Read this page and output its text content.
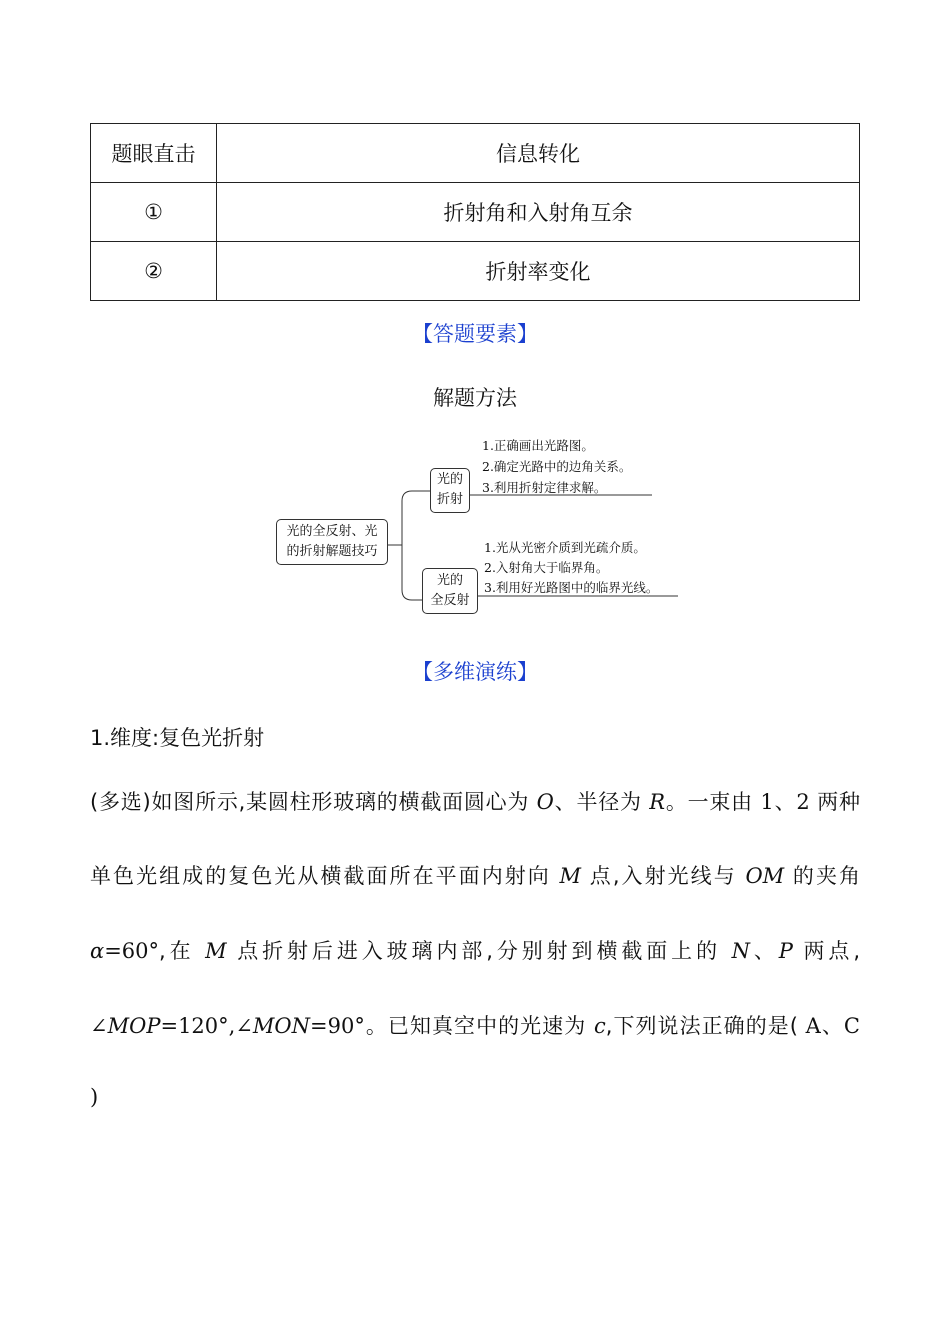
题眼直击	信息转化
①	折射角和入射角互余
②	折射率变化
【答题要素】
解题方法
光的全反射、光
的折射解题技巧
光的
折射
光的
全反射
1.正确画出光路图。
2.确定光路中的边角关系。
3.利用折射定律求解。
1.光从光密介质到光疏介质。
2.入射角大于临界角。
3.利用好光路图中的临界光线。
【多维演练】
1.维度:复色光折射
(多选)如图所示,某圆柱形玻璃的横截面圆心为 O、半径为 R。一束由 1、2 两种
单色光组成的复色光从横截面所在平面内射向 M 点,入射光线与 OM 的夹角
α=60°,在 M 点折射后进入玻璃内部,分别射到横截面上的 N、P 两点,
∠MOP=120°,∠MON=90°。已知真空中的光速为 c,下列说法正确的是( A、C
)
